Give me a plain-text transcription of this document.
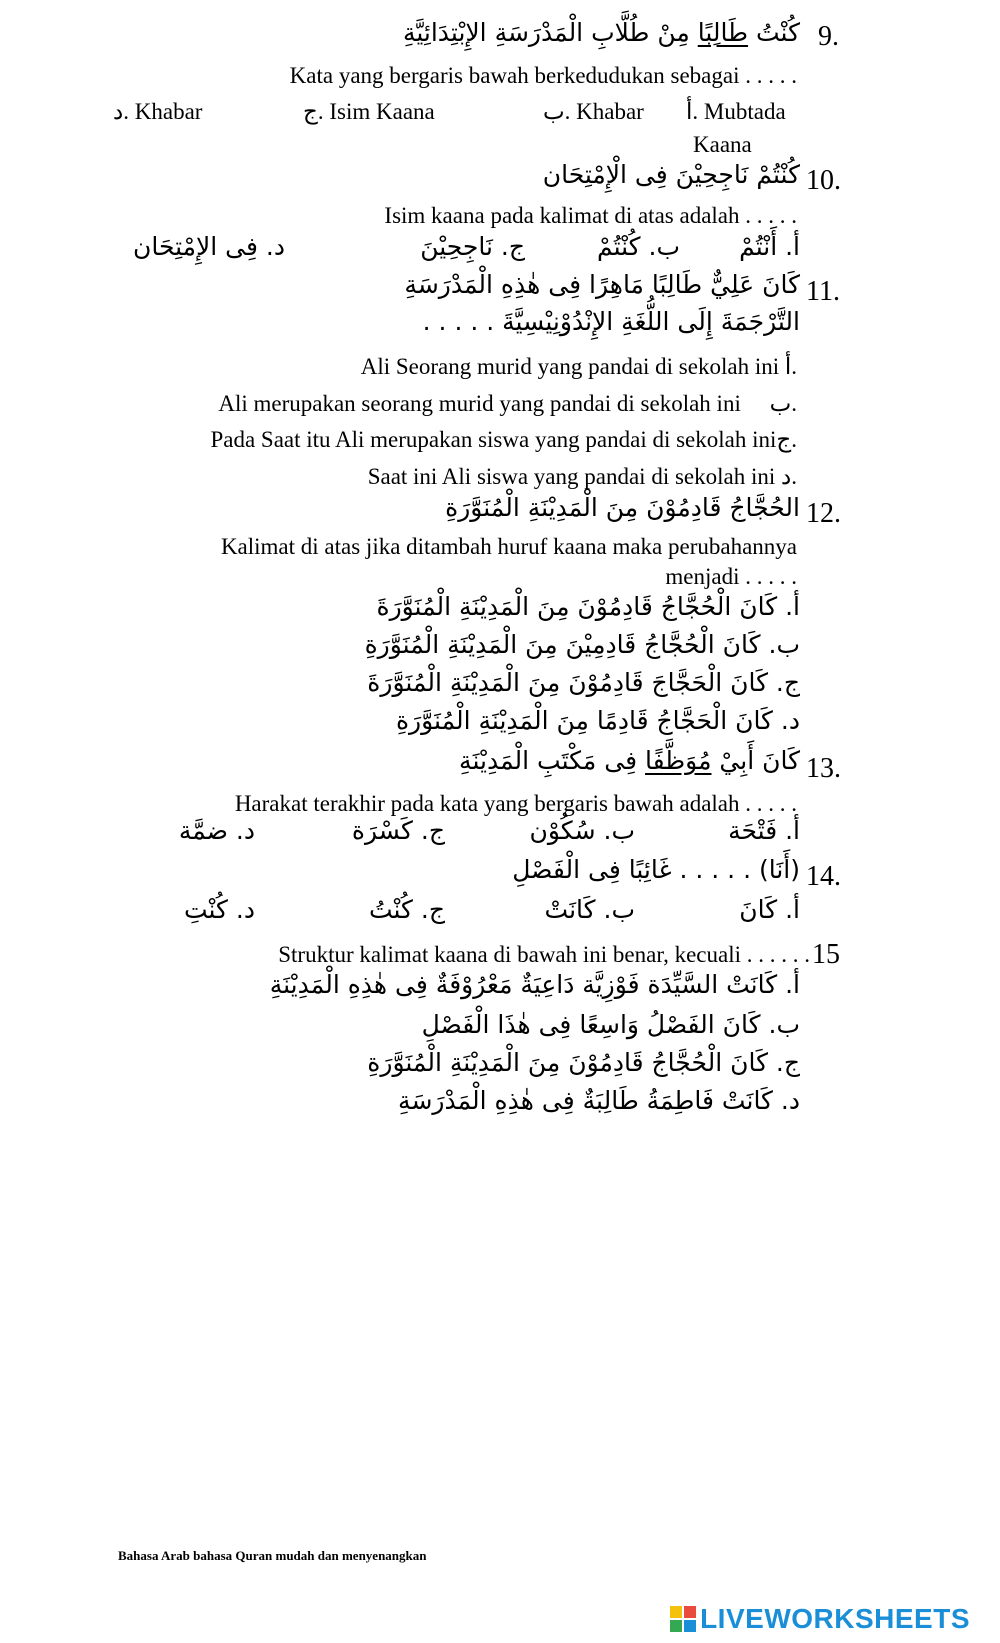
9.
كُنْتُ طَالِبًا مِنْ طُلَّابِ الْمَدْرَسَةِ الإِبْتِدَائِيَّةِ
Kata yang bergaris bawah berkedudukan sebagai . . . . .
أ. Mubtada
ب. Khabar
ج. Isim Kaana
د. Khabar
Kaana
10.
كُنْتُمْ نَاجِحِيْنَ فِى الْإِمْتِحَان
Isim kaana pada kalimat di atas adalah . . . . .
أ. أَنْتُمْ
ب. كُنْتُمْ
ج. نَاجِحِيْنَ
د. فِى الإِمْتِحَان
11.
كَانَ عَلِيٌّ طَالِبًا مَاهِرًا فِى هٰذِهِ الْمَدْرَسَةِ
التَّرْجَمَةَ إِلَى اللُّغَةِ الإِنْدُوْنِيْسِيَّةَ . . . . .
Ali Seorang murid yang pandai di sekolah ini أ.
Ali merupakan seorang murid yang pandai di sekolah ini ب.
Pada Saat itu Ali merupakan siswa yang pandai di sekolah iniج.
Saat ini Ali siswa yang pandai di sekolah ini د.
12.
الحُجَّاجُ قَادِمُوْنَ مِنَ الْمَدِيْنَةِ الْمُنَوَّرَةِ
Kalimat di atas jika ditambah huruf kaana maka perubahannya
menjadi . . . . .
أ. كَانَ الْحُجَّاجُ قَادِمُوْنَ مِنَ الْمَدِيْنَةِ الْمُنَوَّرَةَ
ب. كَانَ الْحُجَّاجُ قَادِمِيْنَ مِنَ الْمَدِيْنَةِ الْمُنَوَّرَةِ
ج. كَانَ الْحَجَّاجَ قَادِمُوْنَ مِنَ الْمَدِيْنَةِ الْمُنَوَّرَةَ
د. كَانَ الْحَجَّاجُ قَادِمًا مِنَ الْمَدِيْنَةِ الْمُنَوَّرَةِ
13.
كَانَ أَبِيْ مُوَظَّفًا فِى مَكْتَبِ الْمَدِيْنَةِ
Harakat terakhir pada kata yang bergaris bawah adalah . . . . .
أ. فَتْحَة
ب. سُكُوْن
ج. كَسْرَة
د. ضمَّة
14.
(أَنَا) . . . . . غَائِبًا فِى الْفَصْلِ
أ. كَانَ
ب. كَانَتْ
ج. كُنْتُ
د. كُنْتِ
Struktur kalimat kaana di bawah ini benar, kecuali . . . . . . 15
أ. كَانَتْ السَّيِّدَة فَوْزِيَّة دَاعِيَةٌ مَعْرُوْفَةٌ فِى هٰذِهِ الْمَدِيْنَةِ
ب. كَانَ الفَصْلُ وَاسِعًا فِى هٰذَا الْفَصْلِ
ج. كَانَ الْحُجَّاجُ قَادِمُوْنَ مِنَ الْمَدِيْنَةِ الْمُنَوَّرَةِ
د. كَانَتْ فَاطِمَةُ طَالِبَةٌ فِى هٰذِهِ الْمَدْرَسَةِ
Bahasa Arab bahasa Quran mudah dan menyenangkan
LIVEWORKSHEETS
